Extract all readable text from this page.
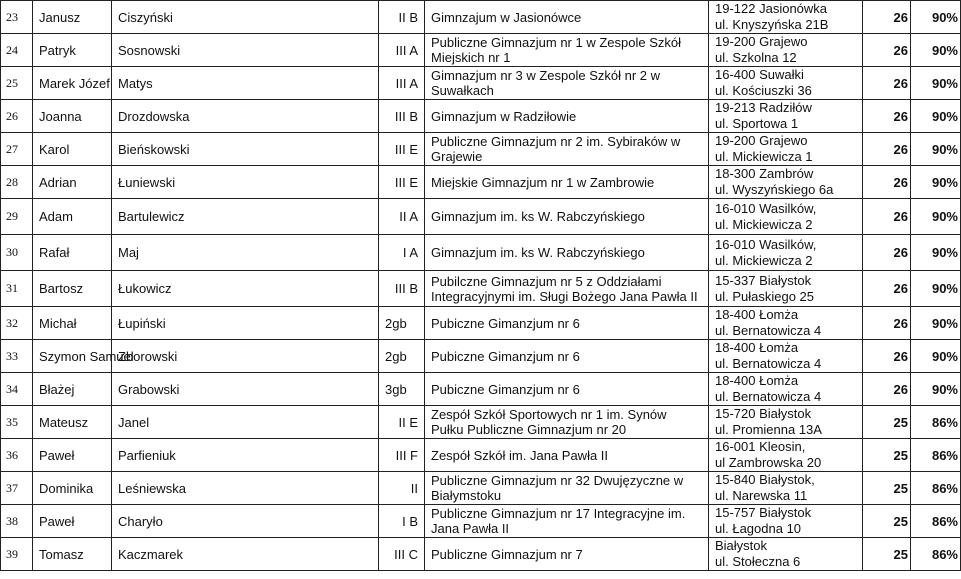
23	Janusz	Ciszyński	II B	Gimnzajum w Jasionówce	19-122 Jasionówka
ul. Knyszyńska 21B	26	90%
24	Patryk	Sosnowski	III A	Publiczne Gimnazjum nr 1 w Zespole Szkół Miejskich nr 1	19-200 Grajewo
ul. Szkolna 12	26	90%
25	Marek Józef	Matys	III A	Gimnazjum nr 3 w Zespole Szkół nr 2 w Suwałkach	16-400 Suwałki
ul. Kościuszki 36	26	90%
26	Joanna	Drozdowska	III B	Gimnazjum w Radziłowie	19-213 Radziłów
ul. Sportowa 1	26	90%
27	Karol	Bieńskowski	III E	Publiczne Gimnazjum nr 2 im. Sybiraków w Grajewie	19-200 Grajewo
ul. Mickiewicza 1	26	90%
28	Adrian	Łuniewski	III E	Miejskie Gimnazjum nr 1 w Zambrowie	18-300 Zambrów
ul. Wyszyńskiego 6a	26	90%
29	Adam	Bartulewicz	II A	Gimnazjum im. ks W. Rabczyńskiego	16-010 Wasilków,
ul. Mickiewicza 2	26	90%
30	Rafał	Maj	I A	Gimnazjum im. ks W. Rabczyńskiego	16-010 Wasilków,
ul. Mickiewicza 2	26	90%
31	Bartosz	Łukowicz	III B	Pubilczne Gimnazjum nr 5 z Oddziałami Integracyjnymi im. Sługi Bożego Jana Pawła II	15-337 Białystok
ul. Pułaskiego 25	26	90%
32	Michał	Łupiński	2gb	Pubiczne Gimanzjum nr 6	18-400 Łomża
ul. Bernatowicza 4	26	90%
33	Szymon Samuel	Zborowski	2gb	Pubiczne Gimanzjum nr 6	18-400 Łomża
ul. Bernatowicza 4	26	90%
34	Błażej	Grabowski	3gb	Pubiczne Gimanzjum nr 6	18-400 Łomża
ul. Bernatowicza 4	26	90%
35	Mateusz	Janel	II E	Zespół Szkół Sportowych nr 1 im. Synów Pułku Publiczne Gimnazjum nr 20	15-720 Białystok
ul. Promienna 13A	25	86%
36	Paweł	Parfieniuk	III F	Zespół Szkół im. Jana Pawła II	16-001 Kleosin,
ul Zambrowska 20	25	86%
37	Dominika	Leśniewska	II	Publiczne Gimnazjum nr 32 Dwujęzyczne w Białymstoku	15-840 Białystok,
ul. Narewska 11	25	86%
38	Paweł	Charyło	I B	Publiczne Gimnazjum nr 17 Integracyjne im. Jana Pawła II	15-757 Białystok
ul. Łagodna 10	25	86%
39	Tomasz	Kaczmarek	III C	Publiczne Gimnazjum nr 7	Białystok
ul. Stołeczna 6	25	86%
